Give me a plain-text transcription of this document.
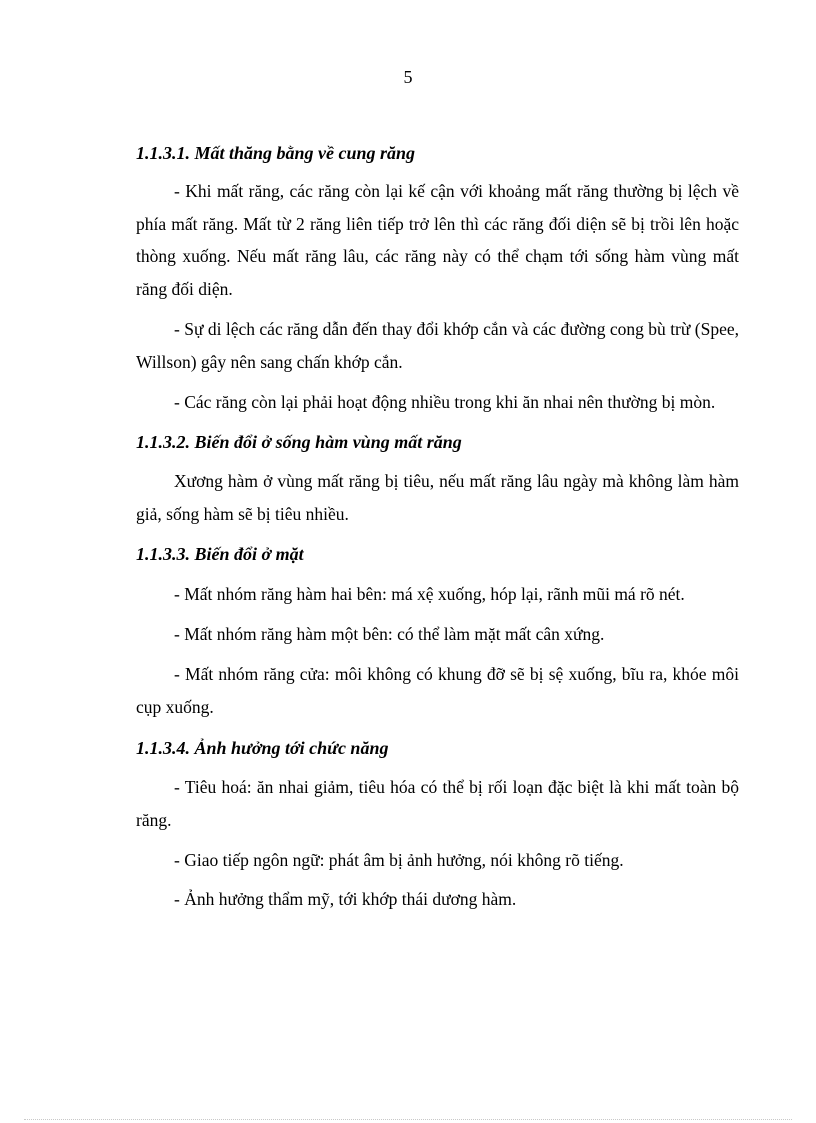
5
1.1.3.1. Mất thăng bằng về cung răng
- Khi mất răng, các răng còn lại kế cận với khoảng mất răng thường bị lệch về phía mất răng. Mất từ 2 răng liên tiếp trở lên thì các răng đối diện sẽ bị trồi lên hoặc thòng xuống. Nếu mất răng lâu, các răng này có thể chạm tới sống hàm vùng mất răng đối diện.
- Sự di lệch các răng dẫn đến thay đổi khớp cắn và các đường cong bù trừ (Spee, Willson) gây nên sang chấn khớp cắn.
- Các răng còn lại phải hoạt động nhiều trong khi ăn nhai nên thường bị mòn.
1.1.3.2. Biến đổi ở sống hàm vùng mất răng
Xương hàm ở vùng mất răng bị tiêu, nếu mất răng lâu ngày mà không làm hàm giả, sống hàm sẽ bị tiêu nhiều.
1.1.3.3. Biến đổi ở mặt
- Mất nhóm răng hàm hai bên: má xệ xuống, hóp lại, rãnh mũi má rõ nét.
- Mất nhóm răng hàm một bên: có thể làm mặt mất cân xứng.
- Mất nhóm răng cửa: môi không có khung đỡ sẽ bị sệ xuống, bĩu ra, khóe môi cụp xuống.
1.1.3.4. Ảnh hưởng tới chức năng
- Tiêu hoá: ăn nhai giảm, tiêu hóa có thể bị rối loạn đặc biệt là khi mất toàn bộ răng.
- Giao tiếp ngôn ngữ: phát âm bị ảnh hưởng, nói không rõ tiếng.
- Ảnh hưởng thẩm mỹ, tới khớp thái dương hàm.
